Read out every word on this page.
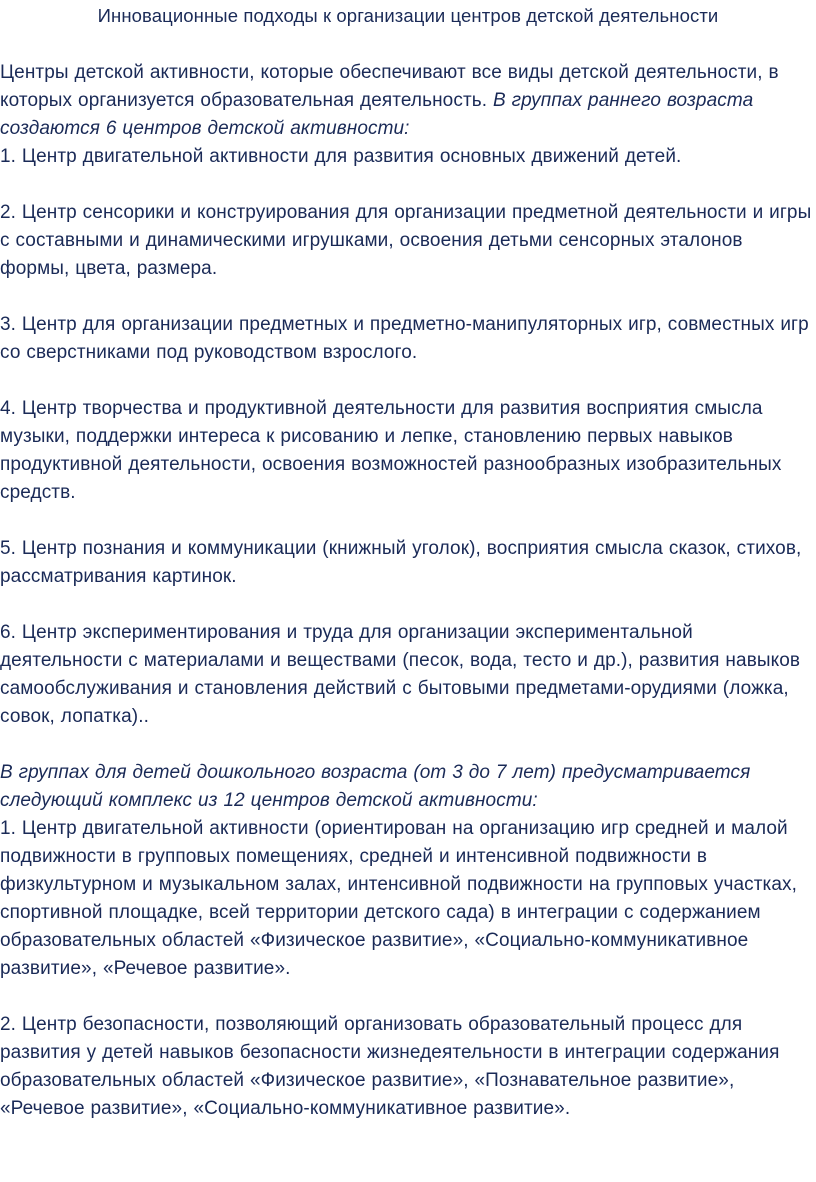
Инновационные подходы к организации центров детской деятельности

Центры детской активности, которые обеспечивают все виды детской деятельности, в которых организуется образовательная деятельность. В группах раннего возраста создаются 6 центров детской активности:

1. Центр двигательной активности для развития основных движений детей.

2. Центр сенсорики и конструирования для организации предметной деятельности и игры с составными и динамическими игрушками, освоения детьми сенсорных эталонов формы, цвета, размера.

3. Центр для организации предметных и предметно-манипуляторных игр, совместных игр со сверстниками под руководством взрослого.

4. Центр творчества и продуктивной деятельности для развития восприятия смысла музыки, поддержки интереса к рисованию и лепке, становлению первых навыков продуктивной деятельности, освоения возможностей разнообразных изобразительных средств.

5. Центр познания и коммуникации (книжный уголок), восприятия смысла сказок, стихов, рассматривания картинок.

6. Центр экспериментирования и труда для организации экспериментальной деятельности с материалами и веществами (песок, вода, тесто и др.), развития навыков самообслуживания и становления действий с бытовыми предметами-орудиями (ложка, совок, лопатка)..

В группах для детей дошкольного возраста (от 3 до 7 лет) предусматривается следующий комплекс из 12 центров детской активности:

1. Центр двигательной активности (ориентирован на организацию игр средней и малой подвижности в групповых помещениях, средней и интенсивной подвижности в физкультурном и музыкальном залах, интенсивной подвижности на групповых участках, спортивной площадке, всей территории детского сада) в интеграции с содержанием образовательных областей «Физическое развитие», «Социально-коммуникативное развитие», «Речевое развитие».

2. Центр безопасности, позволяющий организовать образовательный процесс для развития у детей навыков безопасности жизнедеятельности в интеграции содержания образовательных областей «Физическое развитие», «Познавательное развитие», «Речевое развитие», «Социально-коммуникативное развитие».
